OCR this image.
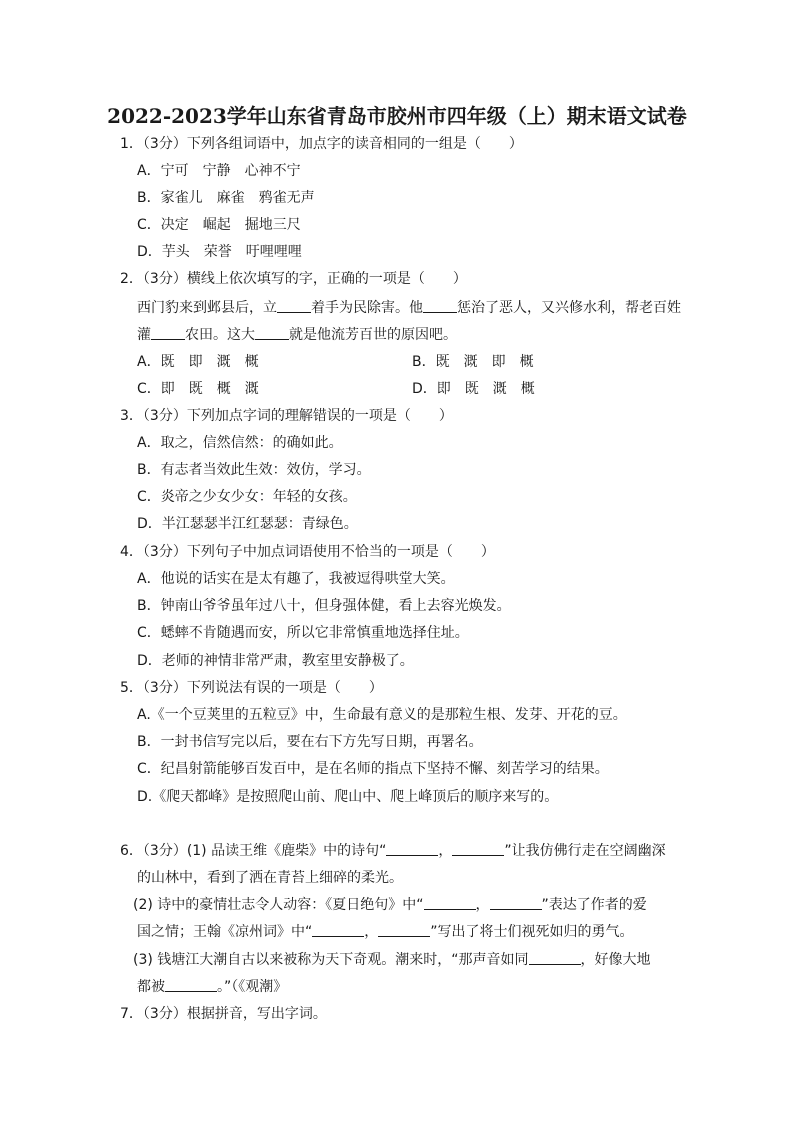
2022-2023学年山东省青岛市胶州市四年级（上）期末语文试卷
1．（3分）下列各组词语中，加点字的读音相同的一组是（　　）
A．宁可　宁静　心神不宁
B．家雀儿　麻雀　鸦雀无声
C．决定　崛起　掘地三尺
D．芋头　荣誉　吁哩哩哩
2．（3分）横线上依次填写的字，正确的一项是（　　）
西门豹来到邺县后，立 着手为民除害。他 惩治了恶人，又兴修水利，帮老百姓
灌 农田。这大 就是他流芳百世的原因吧。
A．既　即　溉　概	B．既　溉　即　概
C．即　既　概　溉	D．即　既　溉　概
3．（3分）下列加点字词的理解错误的一项是（　　）
A．取之，信然信然：的确如此。
B．有志者当效此生效：效仿，学习。
C．炎帝之少女少女：年轻的女孩。
D．半江瑟瑟半江红瑟瑟：青绿色。
4．（3分）下列句子中加点词语使用不恰当的一项是（　　）
A．他说的话实在是太有趣了，我被逗得哄堂大笑。
B．钟南山爷爷虽年过八十，但身强体健，看上去容光焕发。
C．蟋蟀不肯随遇而安，所以它非常慎重地选择住址。
D．老师的神情非常严肃，教室里安静极了。
5．（3分）下列说法有误的一项是（　　）
A.《一个豆荚里的五粒豆》中，生命最有意义的是那粒生根、发芽、开花的豆。
B．一封书信写完以后，要在右下方先写日期，再署名。
C．纪昌射箭能够百发百中，是在名师的指点下坚持不懈、刻苦学习的结果。
D.《爬天都峰》是按照爬山前、爬山中、爬上峰顶后的顺序来写的。
6．（3分）(1) 品读王维《鹿柴》中的诗句“	，	”让我仿佛行走在空阔幽深
的山林中，看到了洒在青苔上细碎的柔光。
(2) 诗中的豪情壮志令人动容：《夏日绝句》中“	，	”表达了作者的爱
国之情；王翰《凉州词》中“	，	”写出了将士们视死如归的勇气。
(3) 钱塘江大潮自古以来被称为天下奇观。潮来时，“那声音如同	，好像大地
都被	。”（《观潮》
7．（3分）根据拼音，写出字词。
